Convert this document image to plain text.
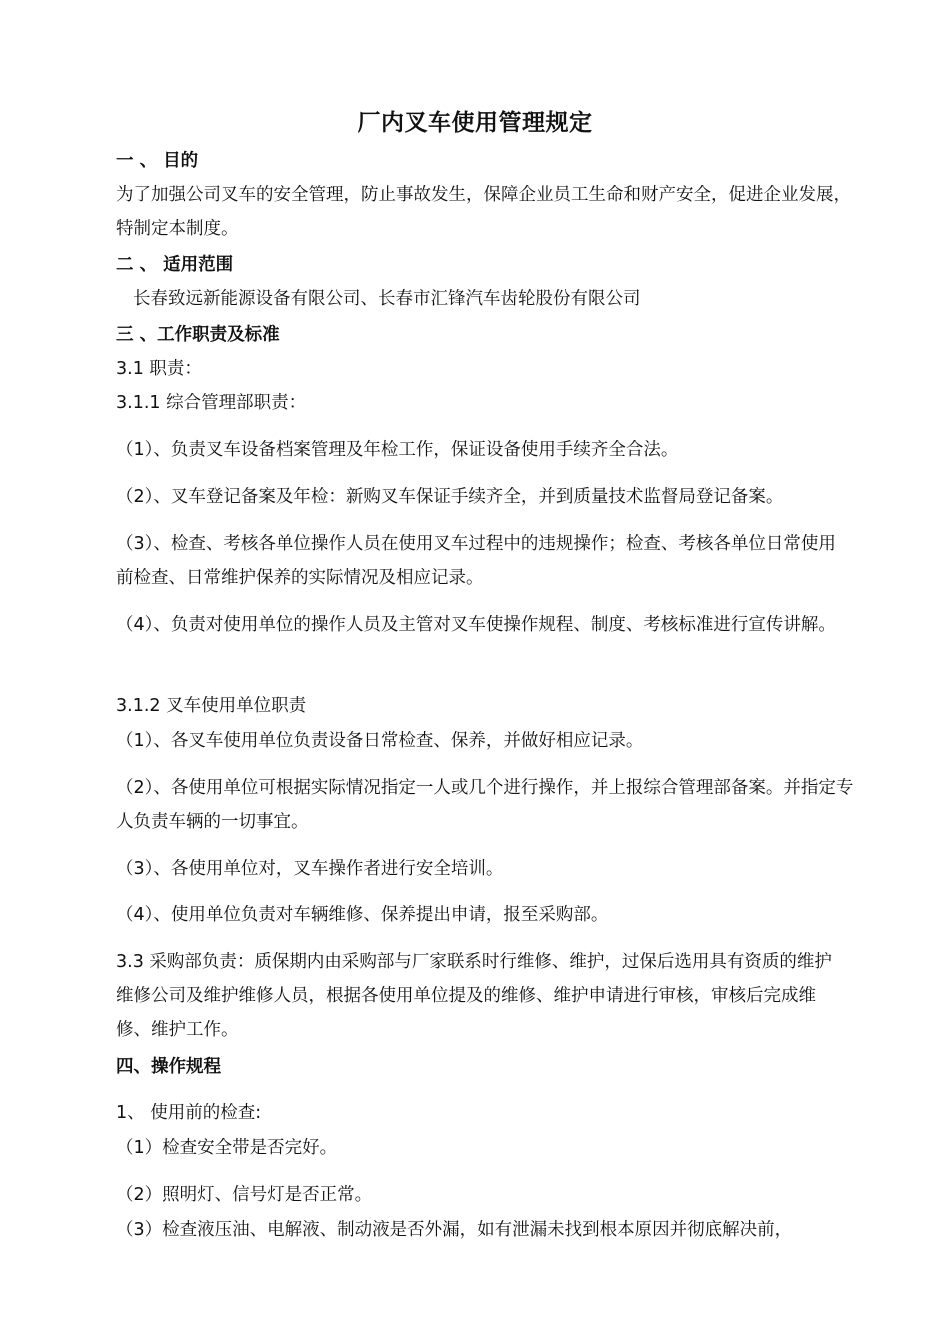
厂内叉车使用管理规定
一 、 目的
为了加强公司叉车的安全管理，防止事故发生，保障企业员工生命和财产安全，促进企业发展，特制定本制度。
二 、 适用范围
长春致远新能源设备有限公司、长春市汇锋汽车齿轮股份有限公司
三 、工作职责及标准
3.1 职责：
3.1.1 综合管理部职责：
（1）、负责叉车设备档案管理及年检工作，保证设备使用手续齐全合法。
（2）、叉车登记备案及年检：新购叉车保证手续齐全，并到质量技术监督局登记备案。
（3）、检查、考核各单位操作人员在使用叉车过程中的违规操作；检查、考核各单位日常使用前检查、日常维护保养的实际情况及相应记录。
（4）、负责对使用单位的操作人员及主管对叉车使操作规程、制度、考核标准进行宣传讲解。
3.1.2 叉车使用单位职责
（1）、各叉车使用单位负责设备日常检查、保养，并做好相应记录。
（2）、各使用单位可根据实际情况指定一人或几个进行操作，并上报综合管理部备案。并指定专人负责车辆的一切事宜。
（3）、各使用单位对，叉车操作者进行安全培训。
（4）、使用单位负责对车辆维修、保养提出申请，报至采购部。
3.3 采购部负责：质保期内由采购部与厂家联系时行维修、维护，过保后选用具有资质的维护维修公司及维护维修人员，根据各使用单位提及的维修、维护申请进行审核，审核后完成维修、维护工作。
四、操作规程
1、 使用前的检查:
（1）检查安全带是否完好。
（2）照明灯、信号灯是否正常。
（3）检查液压油、电解液、制动液是否外漏，如有泄漏未找到根本原因并彻底解决前，
